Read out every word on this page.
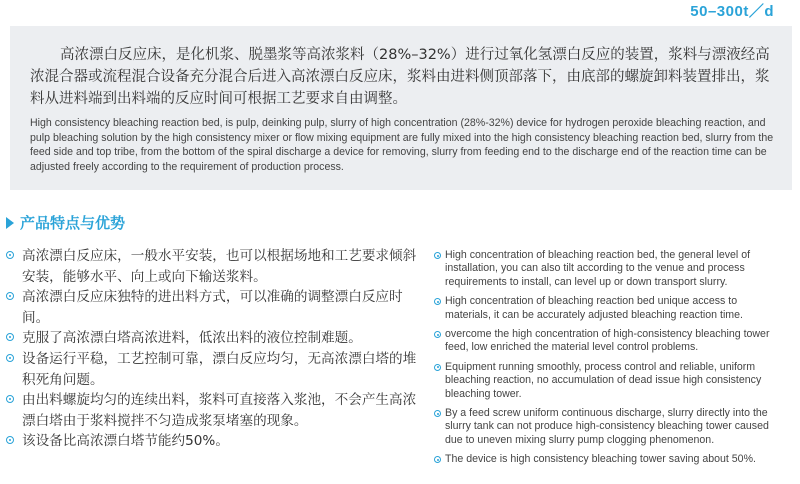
50–300t／d

高浓漂白反应床，是化机浆、脱墨浆等高浓浆料（28%–32%）进行过氧化氢漂白反应的装置，浆料与漂液经高浓混合器或流程混合设备充分混合后进入高浓漂白反应床，浆料由进料侧顶部落下，由底部的螺旋卸料装置排出，浆料从进料端到出料端的反应时间可根据工艺要求自由调整。

High consistency bleaching reaction bed, is pulp, deinking pulp, slurry of high concentration (28%-32%) device for hydrogen peroxide bleaching reaction, and pulp bleaching solution by the high consistency mixer or flow mixing equipment are fully mixed into the high consistency bleaching reaction bed, slurry from the feed side and top tribe, from the bottom of the spiral discharge a device for removing, slurry from feeding end to the discharge end of the reaction time can be adjusted freely according to the requirement of production process.

产品特点与优势
高浓漂白反应床，一般水平安装，也可以根据场地和工艺要求倾斜安装，能够水平、向上或向下输送浆料。
高浓漂白反应床独特的进出料方式，可以准确的调整漂白反应时间。
克服了高浓漂白塔高浓进料，低浓出料的液位控制难题。
设备运行平稳，工艺控制可靠，漂白反应均匀，无高浓漂白塔的堆积死角问题。
由出料螺旋均匀的连续出料，浆料可直接落入浆池，不会产生高浓漂白塔由于浆料搅拌不匀造成浆泵堵塞的现象。
该设备比高浓漂白塔节能约50%。
High concentration of bleaching reaction bed, the general level of installation, you can also tilt according to the venue and process requirements to install, can level up or down transport slurry.
High concentration of bleaching reaction bed unique access to materials, it can be accurately adjusted bleaching reaction time.
overcome the high concentration of high-consistency bleaching tower feed, low enriched the material level control problems.
Equipment running smoothly, process control and reliable, uniform bleaching reaction, no accumulation of dead issue high consistency bleaching tower.
By a feed screw uniform continuous discharge, slurry directly into the slurry tank can not produce high-consistency bleaching tower caused due to uneven mixing slurry pump clogging phenomenon.
The device is high consistency bleaching tower saving about 50%.
